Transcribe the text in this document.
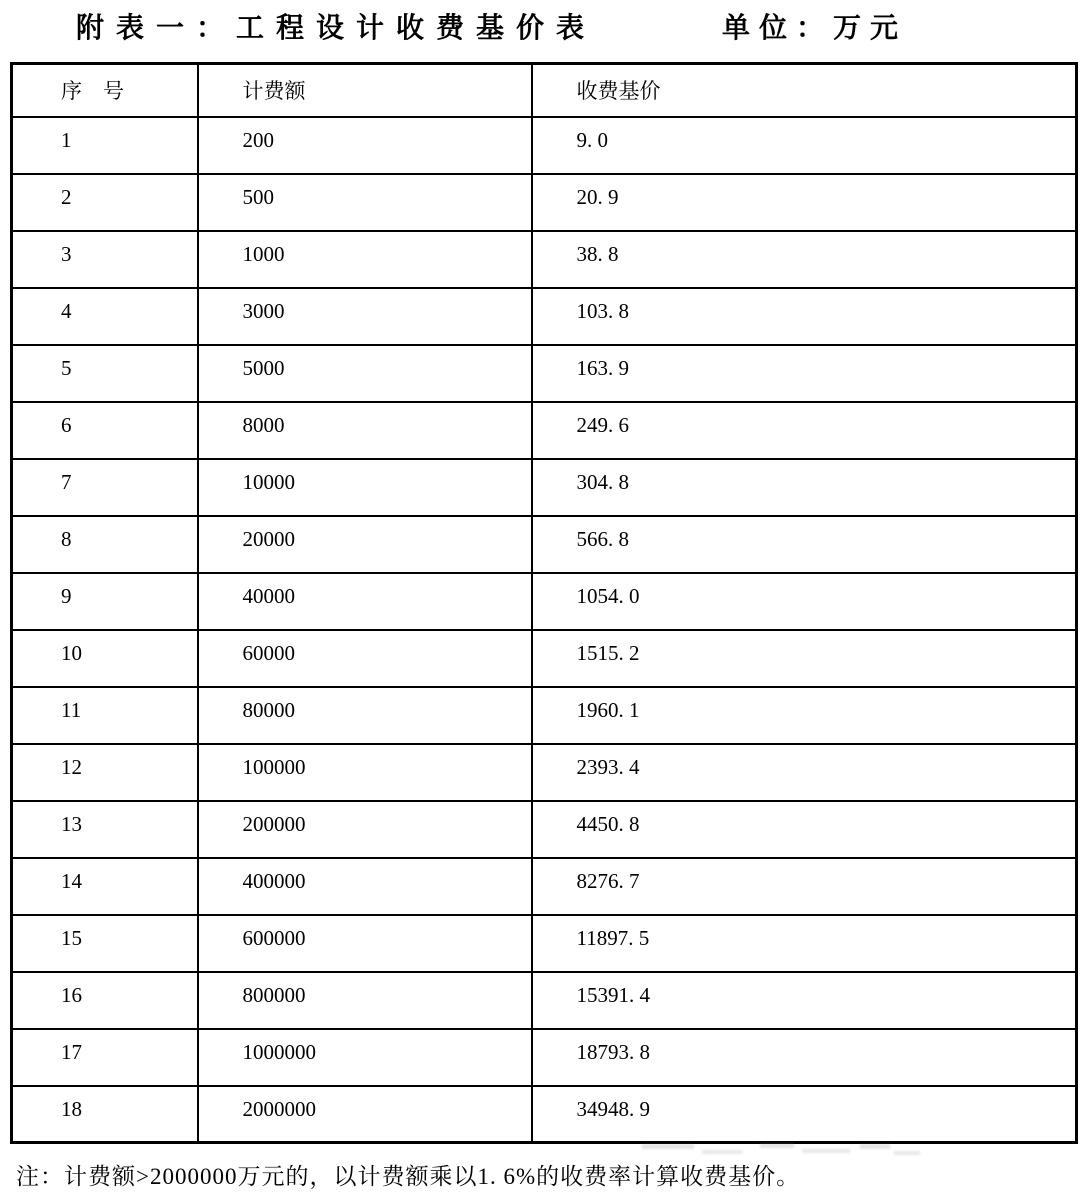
附表一：工程设计收费基价表	单位：万元
序　号	计费额	收费基价
1	200	9. 0
2	500	20. 9
3	1000	38. 8
4	3000	103. 8
5	5000	163. 9
6	8000	249. 6
7	10000	304. 8
8	20000	566. 8
9	40000	1054. 0
10	60000	1515. 2
11	80000	1960. 1
12	100000	2393. 4
13	200000	4450. 8
14	400000	8276. 7
15	600000	11897. 5
16	800000	15391. 4
17	1000000	18793. 8
18	2000000	34948. 9
注：计费额>2000000万元的，以计费额乘以1. 6%的收费率计算收费基价。
